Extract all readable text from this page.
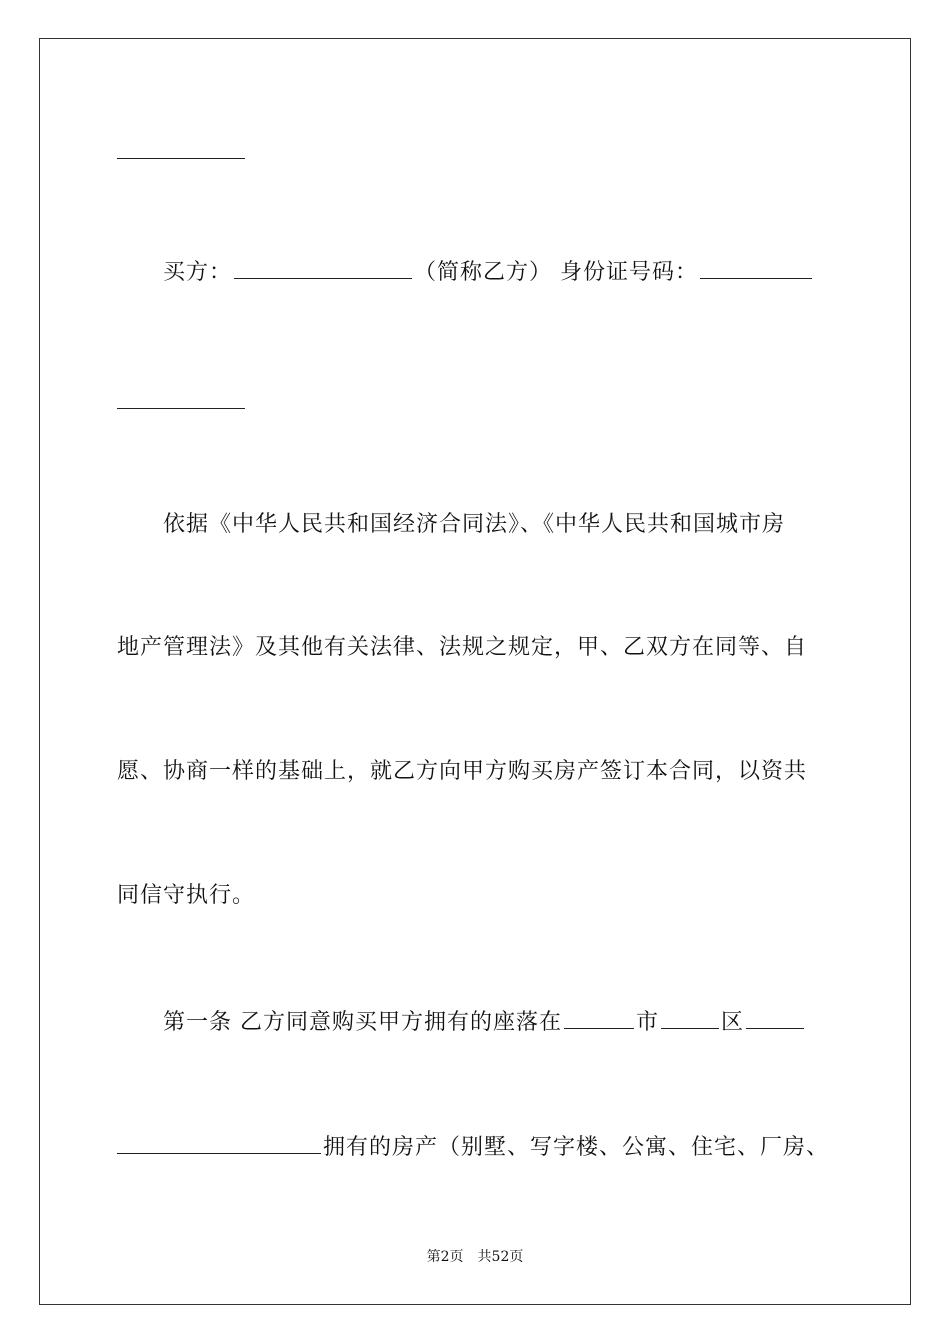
买方：	（简称乙方） 身份证号码：
依据《中华人民共和国经济合同法》、《中华人民共和国城市房
地产管理法》及其他有关法律、法规之规定，甲、乙双方在同等、自
愿、协商一样的基础上，就乙方向甲方购买房产签订本合同，以资共
同信守执行。
第一条 乙方同意购买甲方拥有的座落在	市	区
拥有的房产（别墅、写字楼、公寓、住宅、厂房、
第2页　共52页
